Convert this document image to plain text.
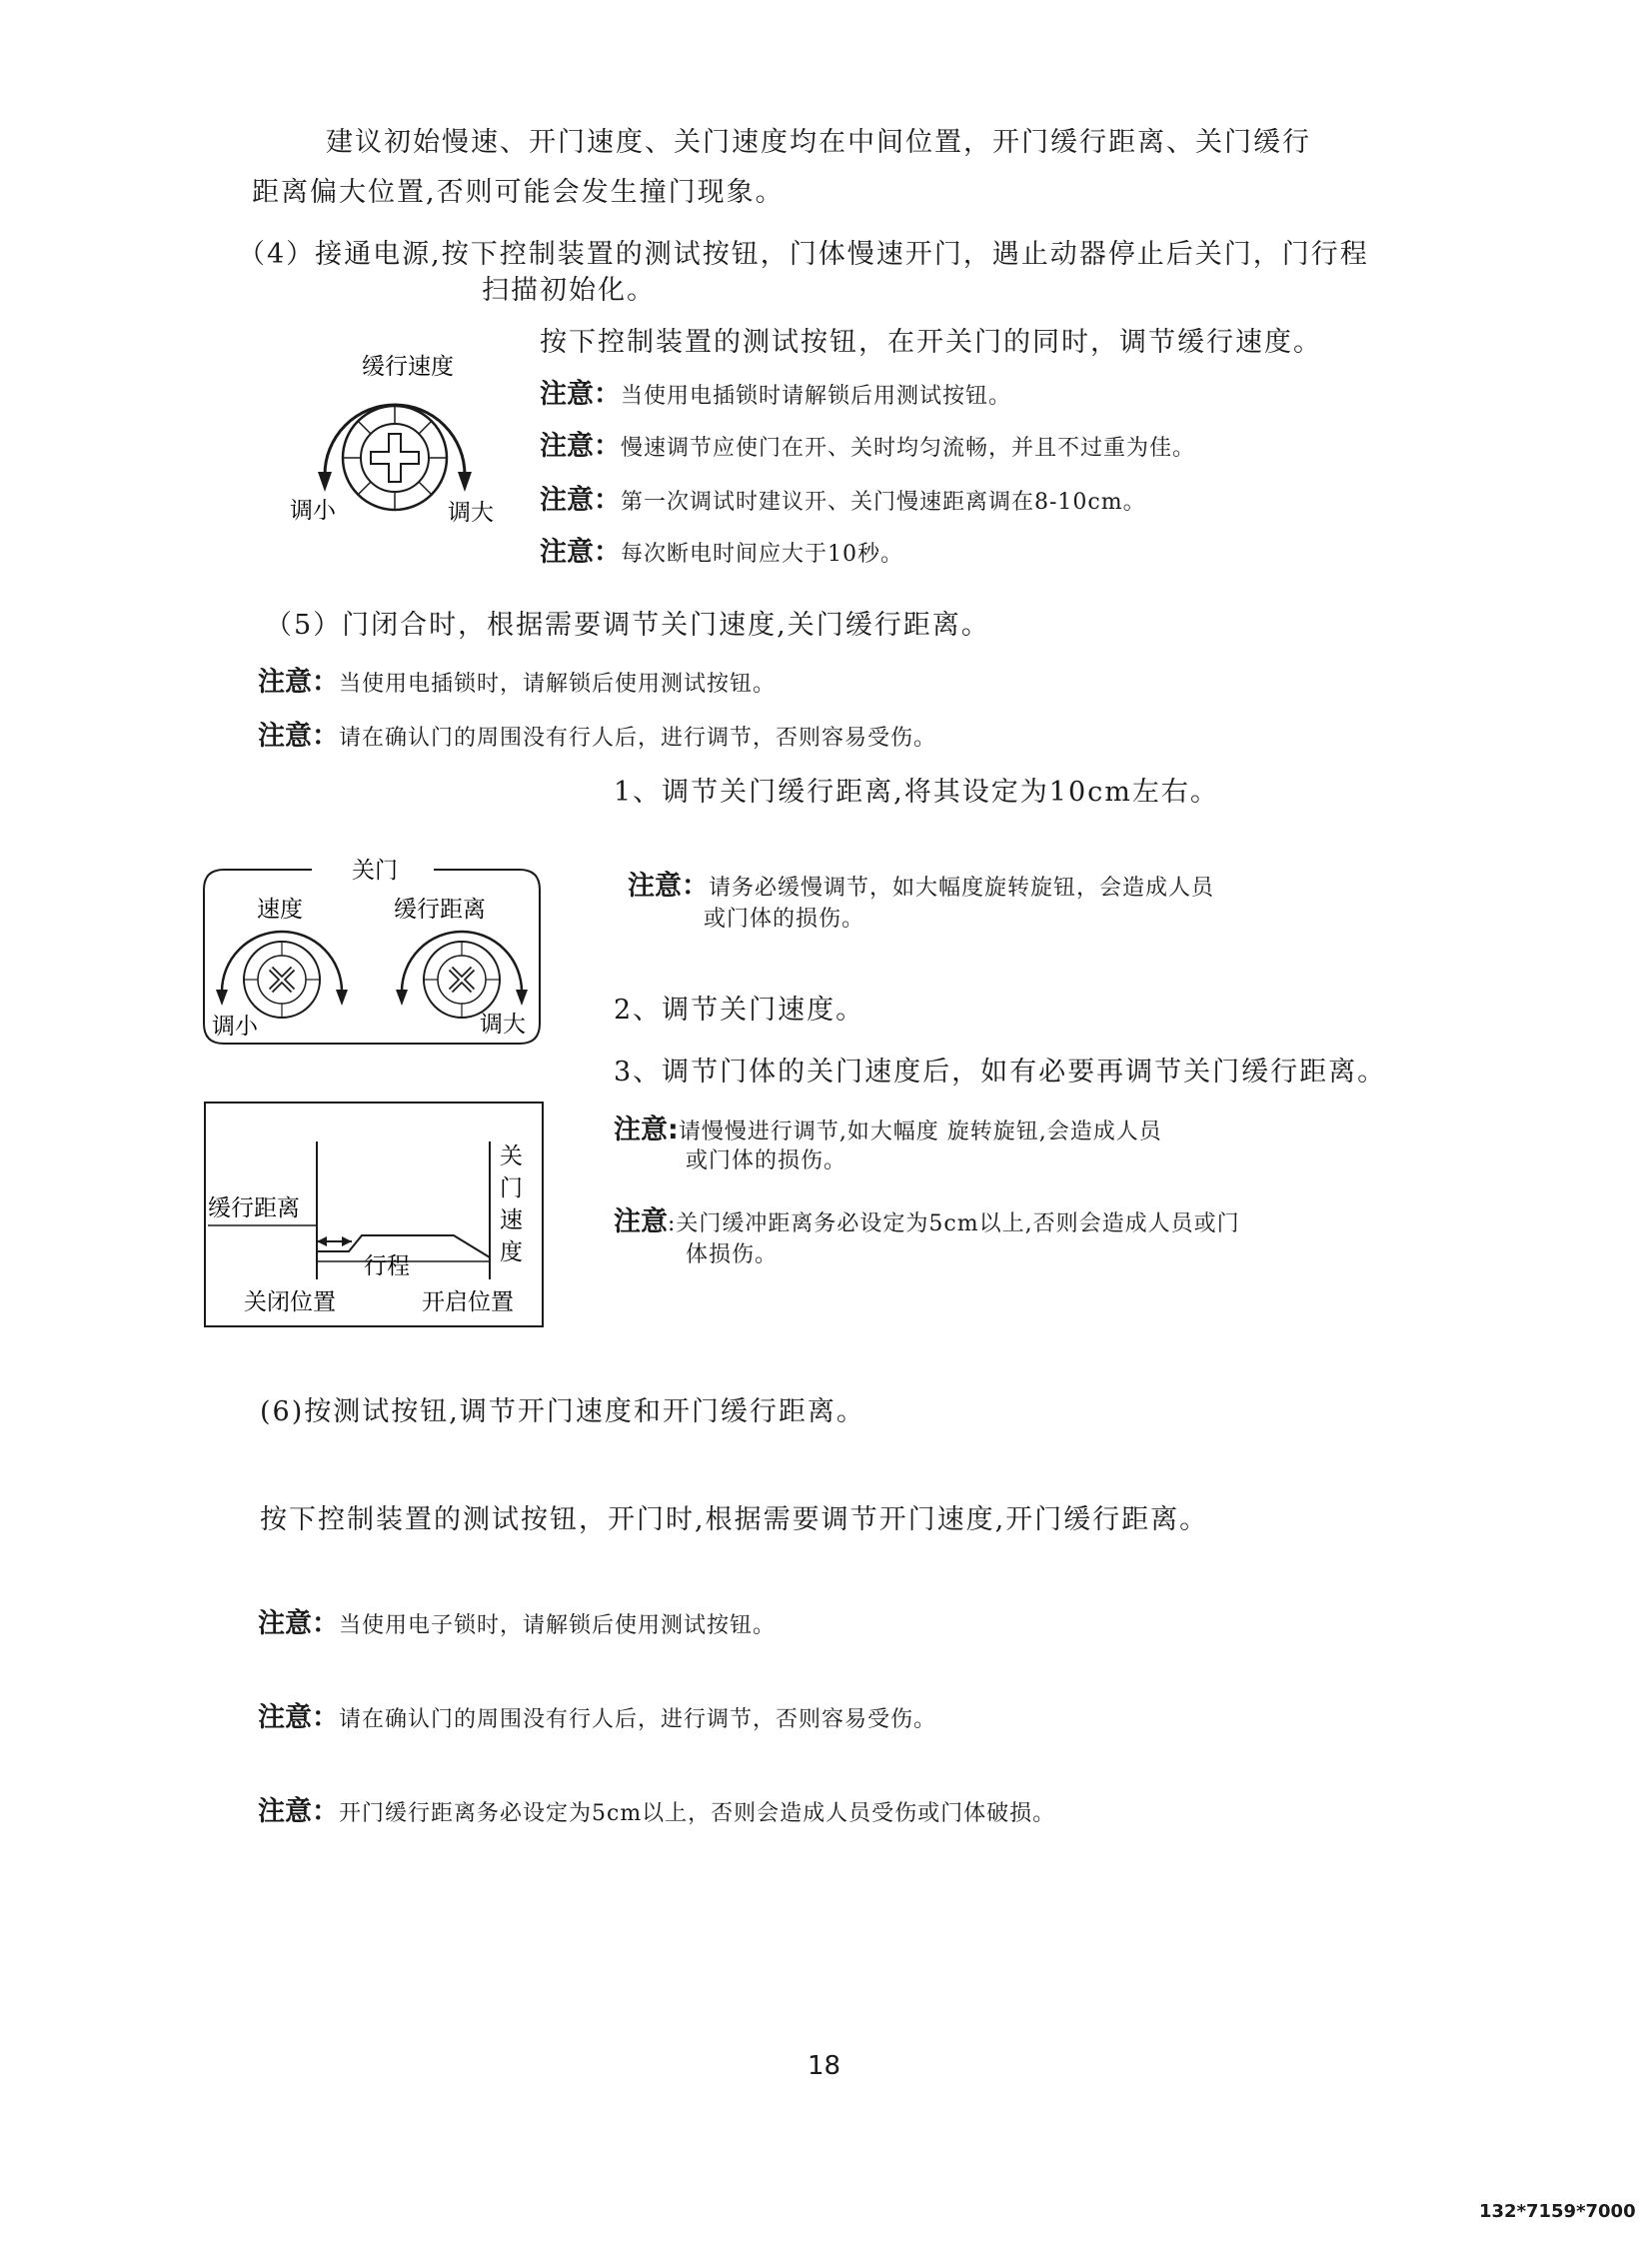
建议初始慢速、开门速度、关门速度均在中间位置，开门缓行距离、关门缓行
距离偏大位置,否则可能会发生撞门现象。
（4）接通电源,按下控制装置的测试按钮，门体慢速开门，遇止动器停止后关门，门行程
扫描初始化。
按下控制装置的测试按钮，在开关门的同时，调节缓行速度。
缓行速度
调小	调大
注意：当使用电插锁时请解锁后用测试按钮。
注意：慢速调节应使门在开、关时均匀流畅，并且不过重为佳。
注意：第一次调试时建议开、关门慢速距离调在8-10cm。
注意：每次断电时间应大于10秒。
（5）门闭合时，根据需要调节关门速度,关门缓行距离。
注意：当使用电插锁时，请解锁后使用测试按钮。
注意：请在确认门的周围没有行人后，进行调节，否则容易受伤。
1、调节关门缓行距离,将其设定为10cm左右。
关门
速度	缓行距离
调小	调大
注意：请务必缓慢调节，如大幅度旋转旋钮，会造成人员
或门体的损伤。
2、调节关门速度。
3、调节门体的关门速度后，如有必要再调节关门缓行距离。
缓行距离
行程
关闭位置	开启位置
关
门
速
度
注意:请慢慢进行调节,如大幅度 旋转旋钮,会造成人员
或门体的损伤。
注意:关门缓冲距离务必设定为5cm以上,否则会造成人员或门
体损伤。
(6)按测试按钮,调节开门速度和开门缓行距离。
按下控制装置的测试按钮，开门时,根据需要调节开门速度,开门缓行距离。
注意：当使用电子锁时，请解锁后使用测试按钮。
注意：请在确认门的周围没有行人后，进行调节，否则容易受伤。
注意：开门缓行距离务必设定为5cm以上，否则会造成人员受伤或门体破损。
18
132*7159*7000
